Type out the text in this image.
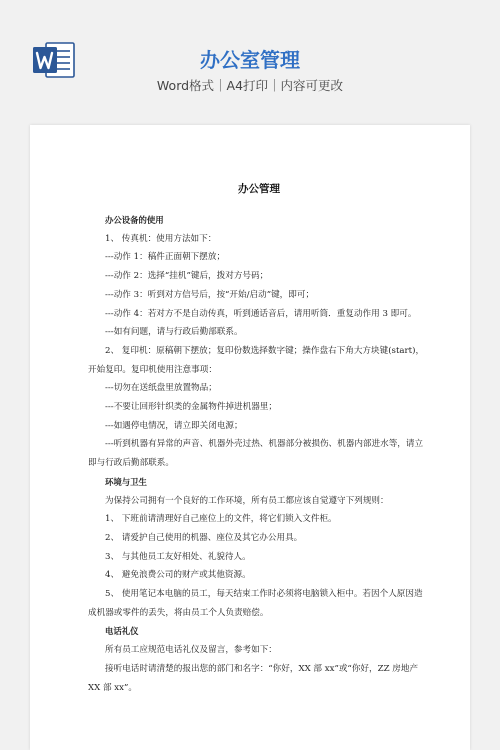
办公室管理
Word格式｜A4打印｜内容可更改
办公管理

办公设备的使用

1、 传真机：使用方法如下：

---动作 1：稿件正面朝下摆放；

---动作 2：选择“挂机”键后，拨对方号码；

---动作 3：听到对方信号后，按“开始/启动”键，即可；

---动作 4：若对方不是自动传真，听到通话音后，请用听筒．重复动作用 3 即可。

---如有问题，请与行政后勤部联系。

2、 复印机：原稿朝下摆放；复印份数选择数字键；操作盘右下角大方块键(start)，开始复印。复印机使用注意事项：

---切勿在送纸盘里放置物品；

---不要让回形针织类的金属物件掉进机器里；

---如遇停电情况，请立即关闭电源；

---听到机器有异常的声音、机器外壳过热、机器部分被损伤、机器内部进水等，请立即与行政后勤部联系。

环境与卫生

为保持公司拥有一个良好的工作环境，所有员工都应该自觉遵守下列规则：

1、 下班前请清理好自己座位上的文件，将它们锁入文件柜。

2、 请爱护自己使用的机器、座位及其它办公用具。

3、 与其他员工友好相处、礼貌待人。

4、 避免浪费公司的财产或其他资源。

5、 使用笔记本电脑的员工，每天结束工作时必须将电脑锁入柜中。若因个人原因造成机器或零件的丢失，将由员工个人负责赔偿。

电话礼仪

所有员工应规范电话礼仪及留言，参考如下：

接听电话时请清楚的报出您的部门和名字：“你好，XX 部 xx”或“你好，ZZ 房地产 XX 部 xx”。
